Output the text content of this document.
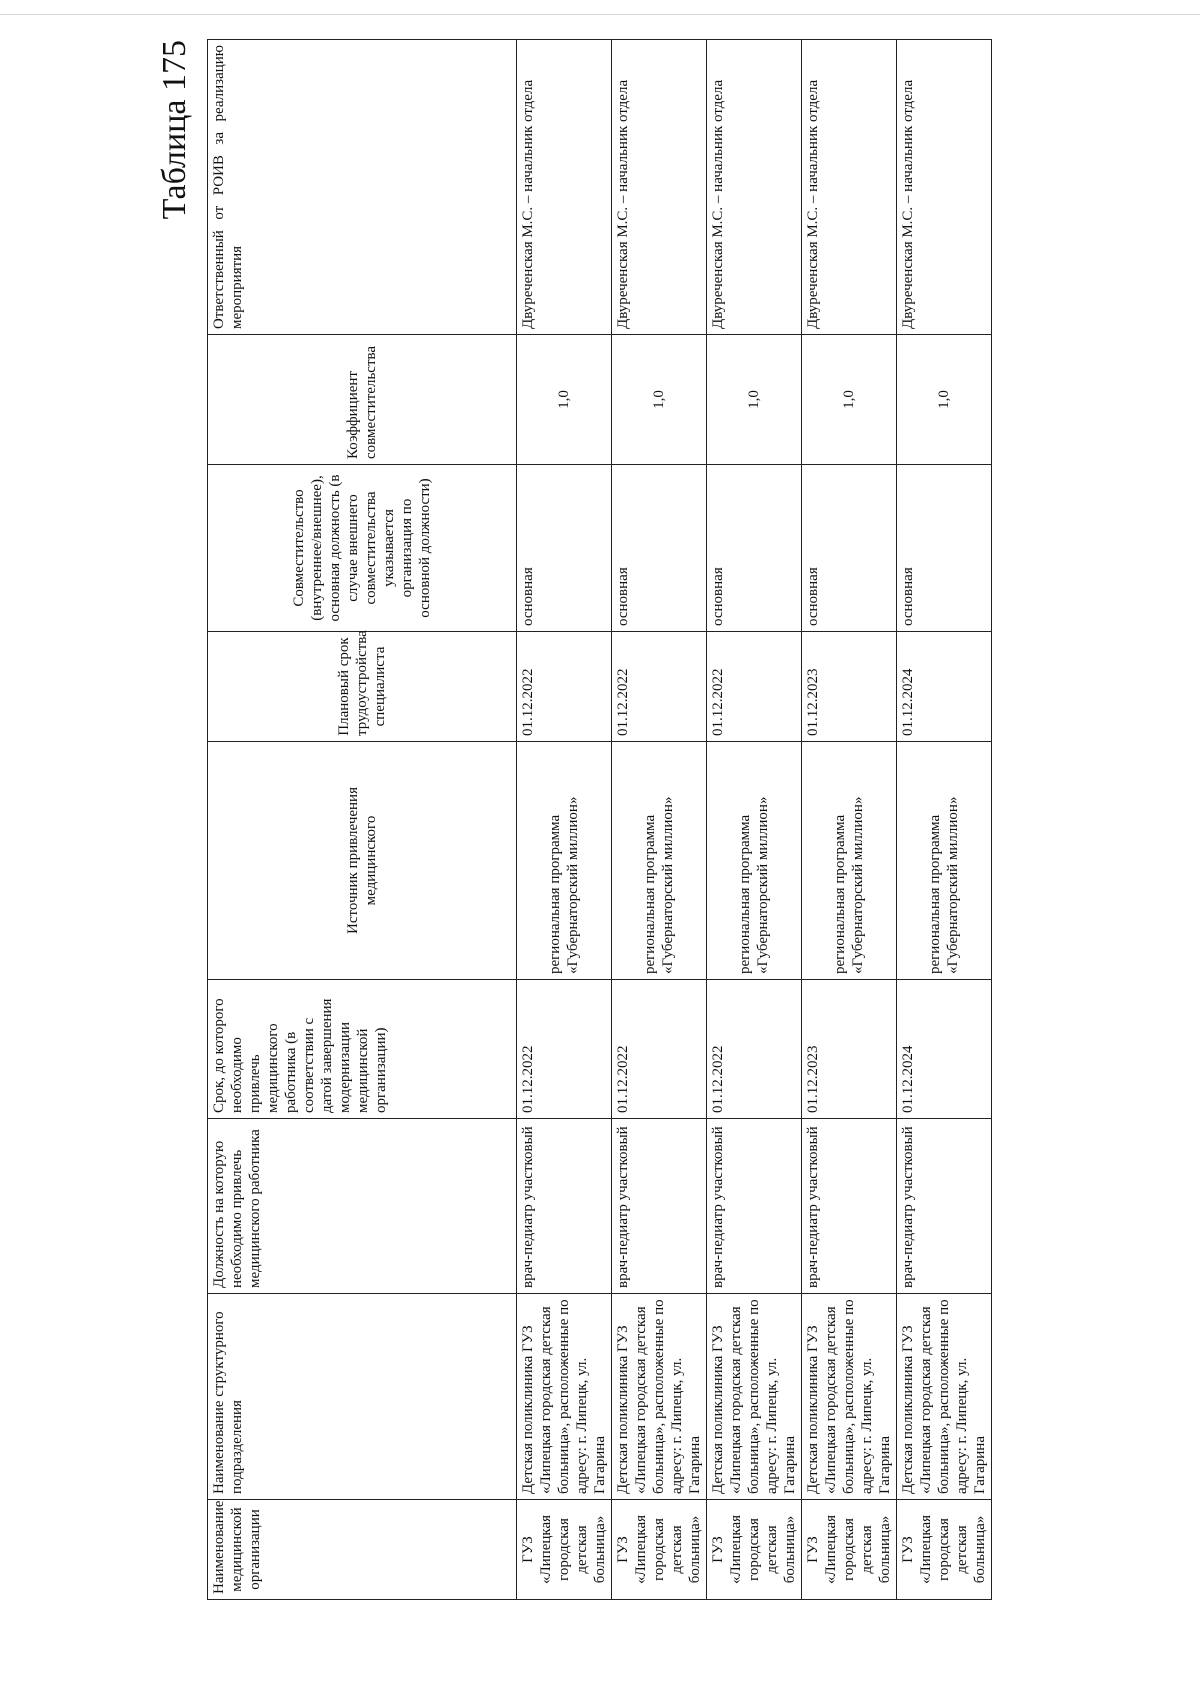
Таблица 175
Наименование медицинской организации	Наименование структурного подразделения	Должность на которую необходимо привлечь медицинского работника	Срок, до которого необходимо привлечь медицинского работника (в соответствии с датой завершения модернизации медицинской организации)	Источник привлечения медицинского	Плановый срок трудоустройства специалиста	Совместительство (внутреннее/внешнее), основная должность (в случае внешнего совместительства указывается организация по основной должности)	Коэффициент совместительства	Ответственный от РОИВ за реализацию мероприятия
ГУЗ «Липецкая городская детская больница»	Детская поликлиника ГУЗ «Липецкая городская детская больница», расположенные по адресу: г. Липецк, ул. Гагарина	врач-педиатр участковый	01.12.2022	региональная программа «Губернаторский миллион»	01.12.2022	основная	1,0	Двуреченская М.С. – начальник отдела
ГУЗ «Липецкая городская детская больница»	Детская поликлиника ГУЗ «Липецкая городская детская больница», расположенные по адресу: г. Липецк, ул. Гагарина	врач-педиатр участковый	01.12.2022	региональная программа «Губернаторский миллион»	01.12.2022	основная	1,0	Двуреченская М.С. – начальник отдела
ГУЗ «Липецкая городская детская больница»	Детская поликлиника ГУЗ «Липецкая городская детская больница», расположенные по адресу: г. Липецк, ул. Гагарина	врач-педиатр участковый	01.12.2022	региональная программа «Губернаторский миллион»	01.12.2022	основная	1,0	Двуреченская М.С. – начальник отдела
ГУЗ «Липецкая городская детская больница»	Детская поликлиника ГУЗ «Липецкая городская детская больница», расположенные по адресу: г. Липецк, ул. Гагарина	врач-педиатр участковый	01.12.2023	региональная программа «Губернаторский миллион»	01.12.2023	основная	1,0	Двуреченская М.С. – начальник отдела
ГУЗ «Липецкая городская детская больница»	Детская поликлиника ГУЗ «Липецкая городская детская больница», расположенные по адресу: г. Липецк, ул. Гагарина	врач-педиатр участковый	01.12.2024	региональная программа «Губернаторский миллион»	01.12.2024	основная	1,0	Двуреченская М.С. – начальник отдела
